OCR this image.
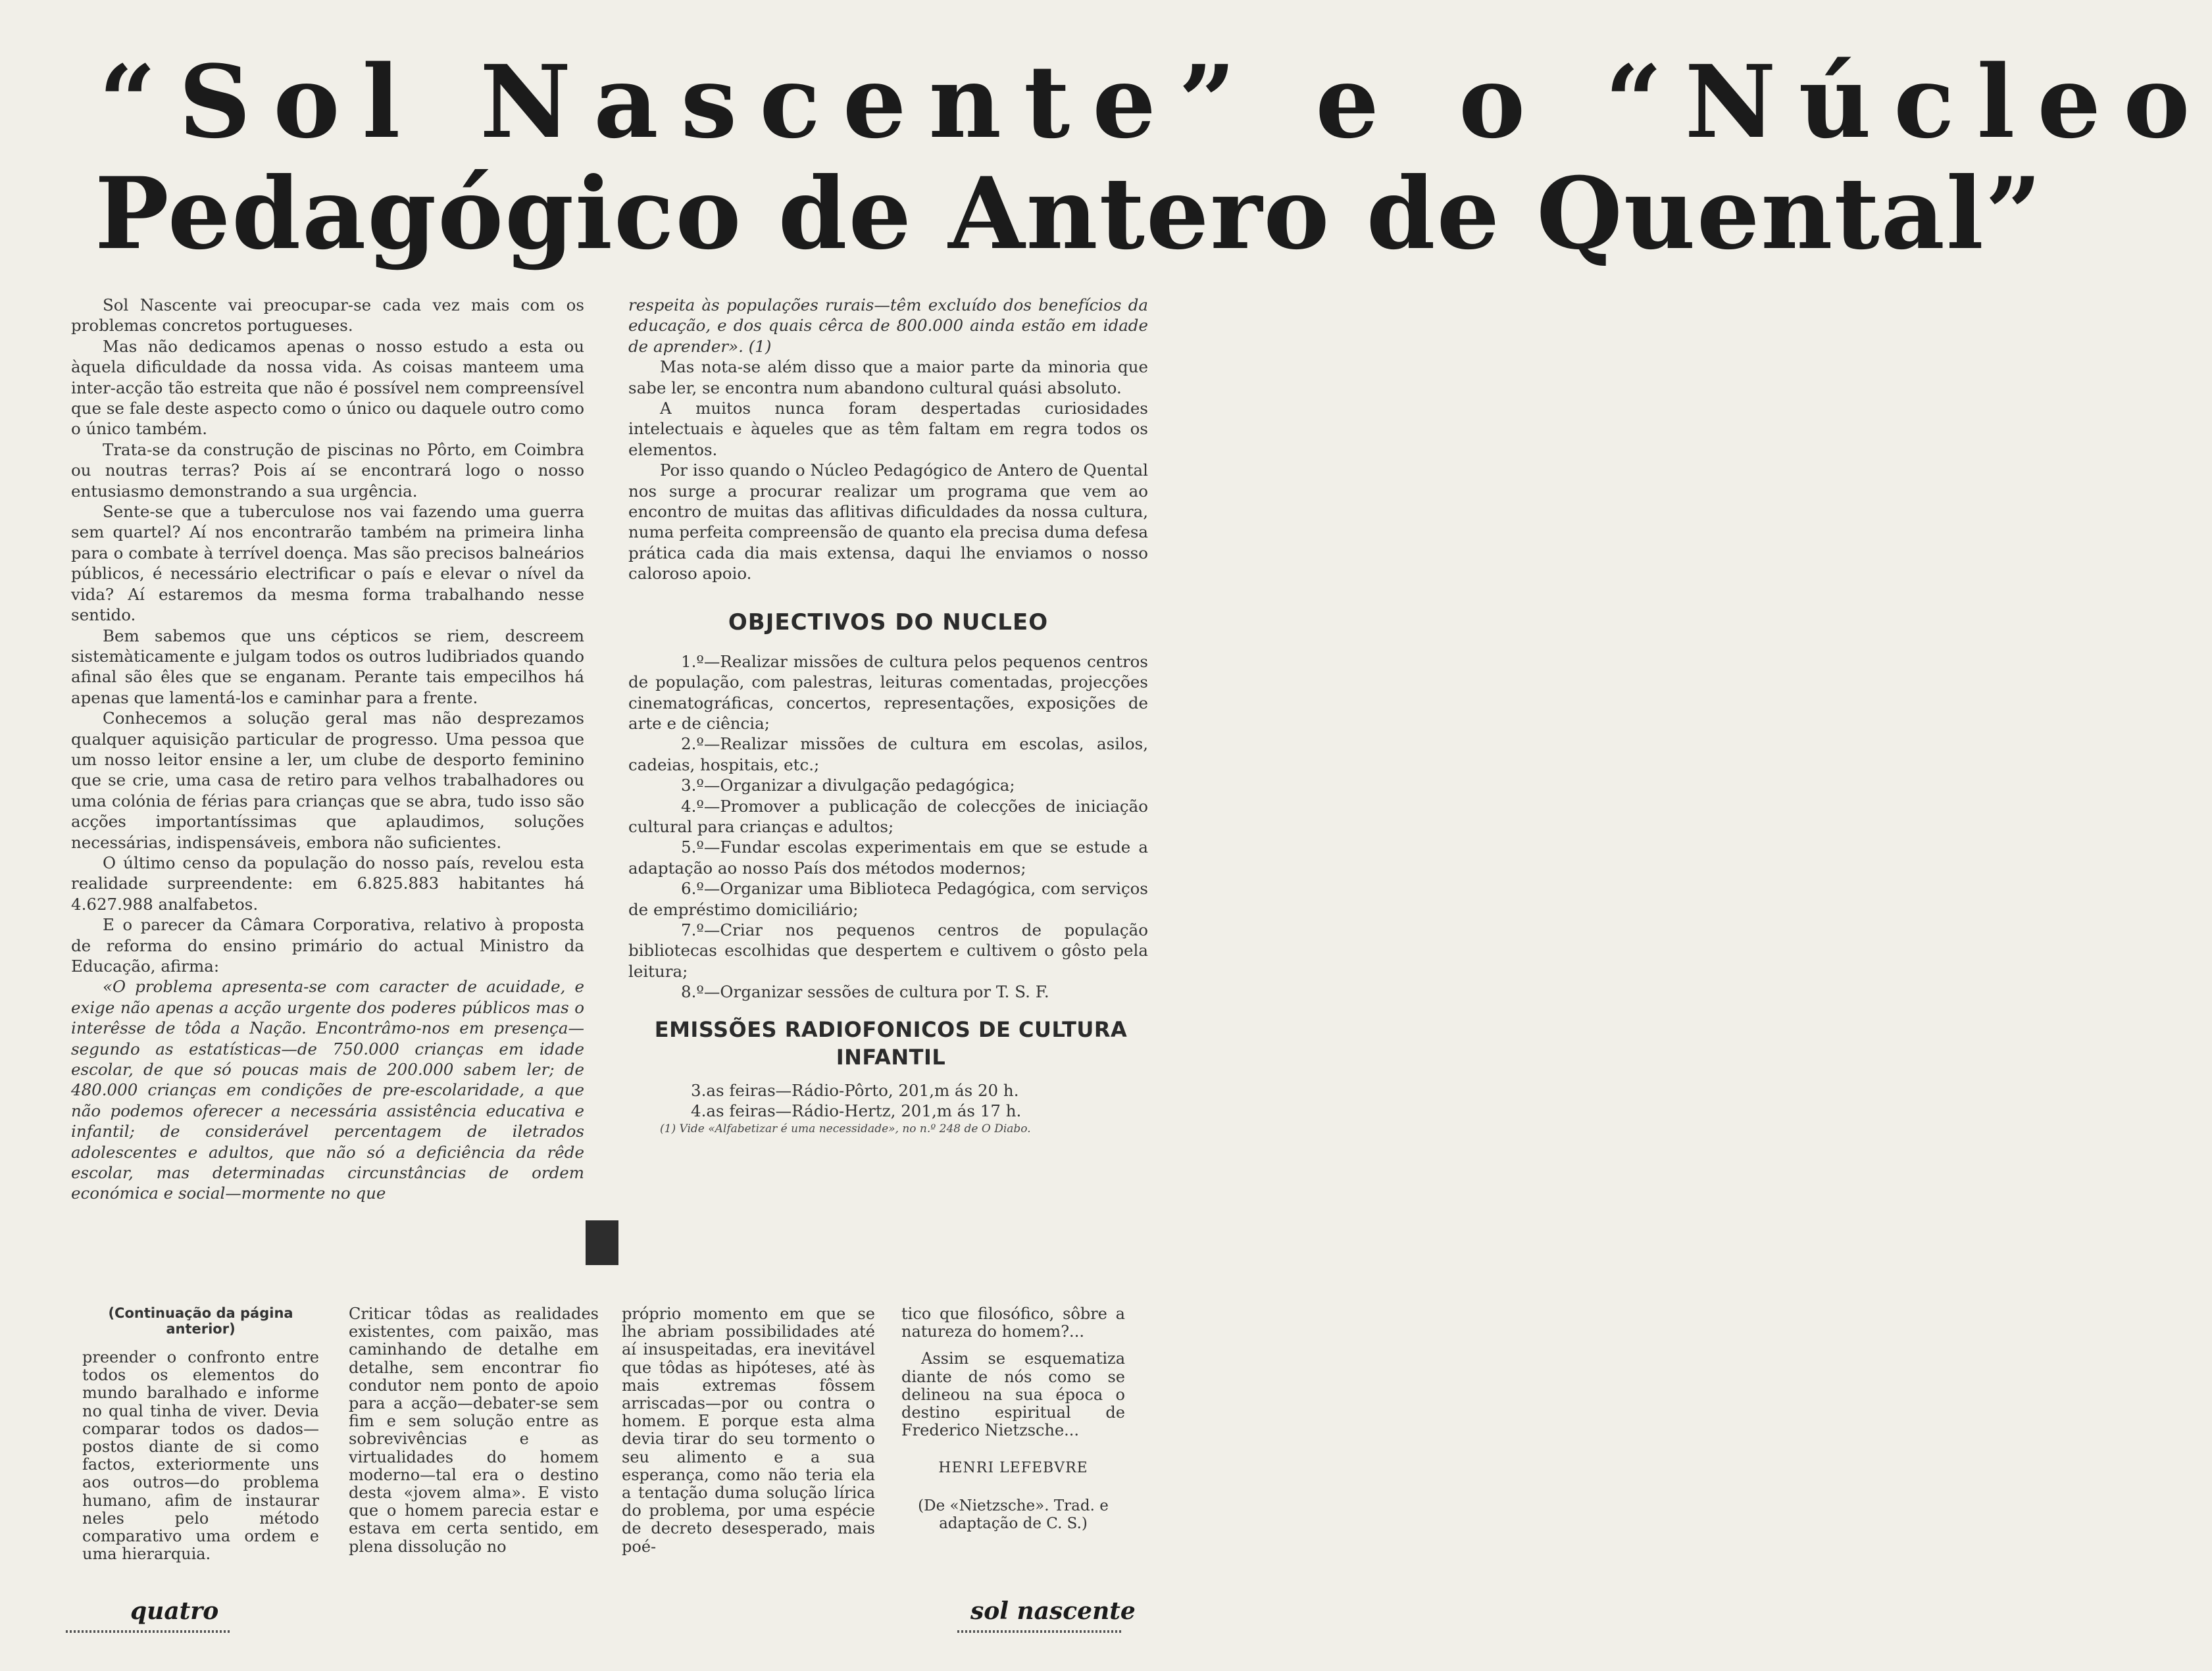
“Sol Nascente” e o “Núcleo
Pedagógico de Antero de Quental”

Sol Nascente vai preocupar-se cada vez mais com os problemas concretos portugueses.

Mas não dedicamos apenas o nosso estudo a esta ou àquela dificuldade da nossa vida. As coisas manteem uma inter-acção tão estreita que não é possível nem compreensível que se fale deste aspecto como o único ou daquele outro como o único também.

Trata-se da construção de piscinas no Pôrto, em Coimbra ou noutras terras? Pois aí se encontrará logo o nosso entusiasmo demonstrando a sua urgência.

Sente-se que a tuberculose nos vai fazendo uma guerra sem quartel? Aí nos encontrarão também na primeira linha para o combate à terrível doença. Mas são precisos balneários públicos, é necessário electrificar o país e elevar o nível da vida? Aí estaremos da mesma forma trabalhando nesse sentido.

Bem sabemos que uns cépticos se riem, descreem sistemàticamente e julgam todos os outros ludibriados quando afinal são êles que se enganam. Perante tais empecilhos há apenas que lamentá-los e caminhar para a frente.

Conhecemos a solução geral mas não desprezamos qualquer aquisição particular de progresso. Uma pessoa que um nosso leitor ensine a ler, um clube de desporto feminino que se crie, uma casa de retiro para velhos trabalhadores ou uma colónia de férias para crianças que se abra, tudo isso são acções importantíssimas que aplaudimos, soluções necessárias, indispensáveis, embora não suficientes.

O último censo da população do nosso país, revelou esta realidade surpreendente: em 6.825.883 habitantes há 4.627.988 analfabetos.

E o parecer da Câmara Corporativa, relativo à proposta de reforma do ensino primário do actual Ministro da Educação, afirma:

«O problema apresenta-se com caracter de acuidade, e exige não apenas a acção urgente dos poderes públicos mas o interêsse de tôda a Nação. Encontrâmo-nos em presença—segundo as estatísticas—de 750.000 crianças em idade escolar, de que só poucas mais de 200.000 sabem ler; de 480.000 crianças em condições de pre-escolaridade, a que não podemos oferecer a necessária assistência educativa e infantil; de considerável percentagem de iletrados adolescentes e adultos, que não só a deficiência da rêde escolar, mas determinadas circunstâncias de ordem económica e social—mormente no que

respeita às populações rurais—têm excluído dos benefícios da educação, e dos quais cêrca de 800.000 ainda estão em idade de aprender». (1)

Mas nota-se além disso que a maior parte da minoria que sabe ler, se encontra num abandono cultural quási absoluto.

A muitos nunca foram despertadas curiosidades intelectuais e àqueles que as têm faltam em regra todos os elementos.

Por isso quando o Núcleo Pedagógico de Antero de Quental nos surge a procurar realizar um programa que vem ao encontro de muitas das aflitivas dificuldades da nossa cultura, numa perfeita compreensão de quanto ela precisa duma defesa prática cada dia mais extensa, daqui lhe enviamos o nosso caloroso apoio.

OBJECTIVOS DO NUCLEO

1.º—Realizar missões de cultura pelos pequenos centros de população, com palestras, leituras comentadas, projecções cinematográficas, concertos, representações, exposições de arte e de ciência;

2.º—Realizar missões de cultura em escolas, asilos, cadeias, hospitais, etc.;

3.º—Organizar a divulgação pedagógica;

4.º—Promover a publicação de colecções de iniciação cultural para crianças e adultos;

5.º—Fundar escolas experimentais em que se estude a adaptação ao nosso País dos métodos modernos;

6.º—Organizar uma Biblioteca Pedagógica, com serviços de empréstimo domiciliário;

7.º—Criar nos pequenos centros de população bibliotecas escolhidas que despertem e cultivem o gôsto pela leitura;

8.º—Organizar sessões de cultura por T. S. F.

EMISSÕES RADIOFONICOS DE CULTURA INFANTIL

3.as feiras—Rádio-Pôrto, 201,m ás 20 h.

4.as feiras—Rádio-Hertz, 201,m ás 17 h.

(1) Vide «Alfabetizar é uma necessidade», no n.º 248 de O Diabo.

(Continuação da página anterior)

preender o confronto entre todos os elementos do mundo baralhado e informe no qual tinha de viver. Devia comparar todos os dados—postos diante de si como factos, exteriormente uns aos outros—do problema humano, afim de instaurar neles pelo método comparativo uma ordem e uma hierarquia.

Criticar tôdas as realidades existentes, com paixão, mas caminhando de detalhe em detalhe, sem encontrar fio condutor nem ponto de apoio para a acção—debater-se sem fim e sem solução entre as sobrevivências e as virtualidades do homem moderno—tal era o destino desta «jovem alma». E visto que o homem parecia estar e estava em certa sentido, em plena dissolução no

próprio momento em que se lhe abriam possibilidades até aí insuspeitadas, era inevitável que tôdas as hipóteses, até às mais extremas fôssem arriscadas—por ou contra o homem. E porque esta alma devia tirar do seu tormento o seu alimento e a sua esperança, como não teria ela a tentação duma solução lírica do problema, por uma espécie de decreto desesperado, mais poé-

tico que filosófico, sôbre a natureza do homem?...

Assim se esquematiza diante de nós como se delineou na sua época o destino espiritual de Frederico Nietzsche...

HENRI LEFEBVRE

(De «Nietzsche». Trad. e adaptação de C. S.)

quatro	sol nascente
